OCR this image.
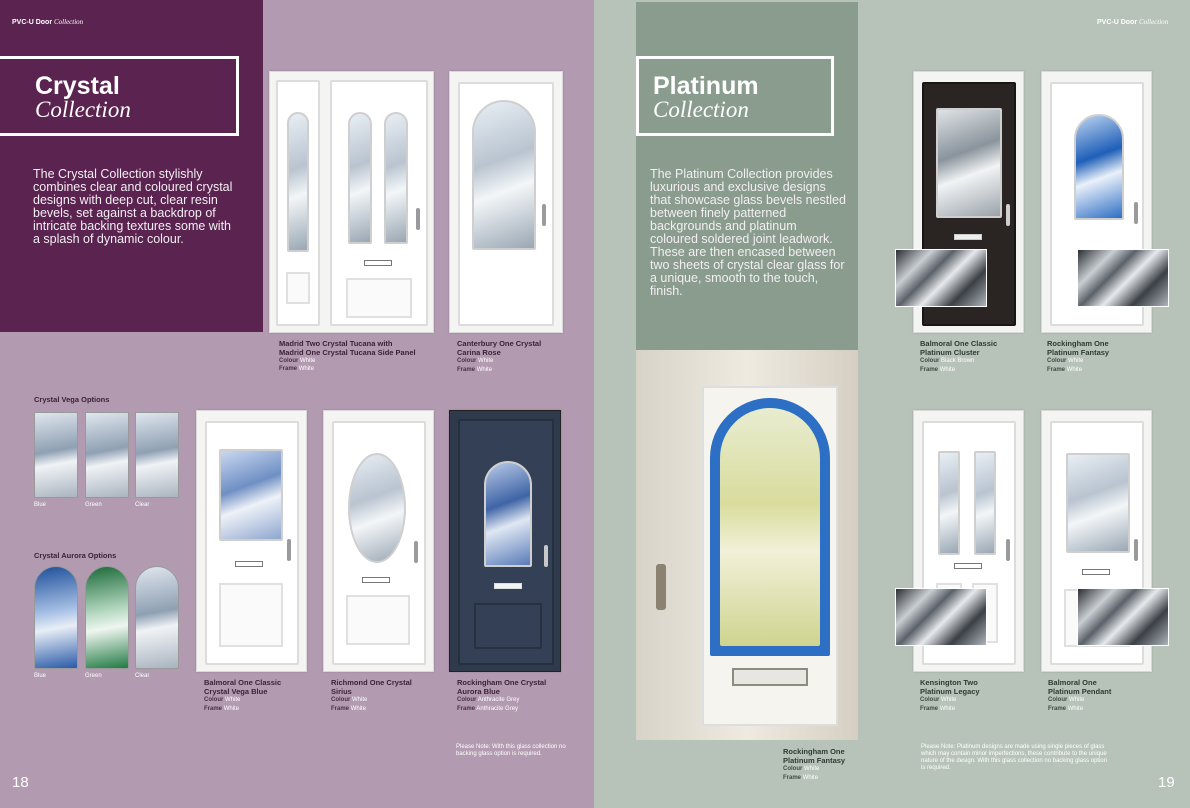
PVC-U Door Collection
Crystal
Collection
The Crystal Collection stylishly combines clear and coloured crystal designs with deep cut, clear resin bevels, set against a backdrop of intricate backing textures some with a splash of dynamic colour.
Madrid Two Crystal Tucana with
Madrid One Crystal Tucana Side Panel
Colour White
Frame White
Canterbury One Crystal
Carina Rose
Colour White
Frame White
Crystal Vega Options
Blue	Green	Clear
Crystal Aurora Options
Blue	Green	Clear
Balmoral One Classic
Crystal Vega Blue
Colour White
Frame White
Richmond One Crystal
Sirius
Colour White
Frame White
Rockingham One Crystal
Aurora Blue
Colour Anthracite Grey
Frame Anthracite Grey
Please Note: With this glass collection no backing glass option is required.
18
PVC-U Door Collection
Platinum
Collection
The Platinum Collection provides luxurious and exclusive designs that showcase glass bevels nestled between finely patterned backgrounds and platinum coloured soldered joint leadwork. These are then encased between two sheets of crystal clear glass for a unique, smooth to the touch, finish.
Rockingham One
Platinum Fantasy
Colour White
Frame White
Balmoral One Classic
Platinum Cluster
Colour Black Brown
Frame White
Rockingham One
Platinum Fantasy
Colour White
Frame White
Kensington Two
Platinum Legacy
Colour White
Frame White
Balmoral One
Platinum Pendant
Colour White
Frame White
Please Note: Platinum designs are made using single pieces of glass which may contain minor imperfections, these contribute to the unique nature of the design. With this glass collection no backing glass option is required.
19
